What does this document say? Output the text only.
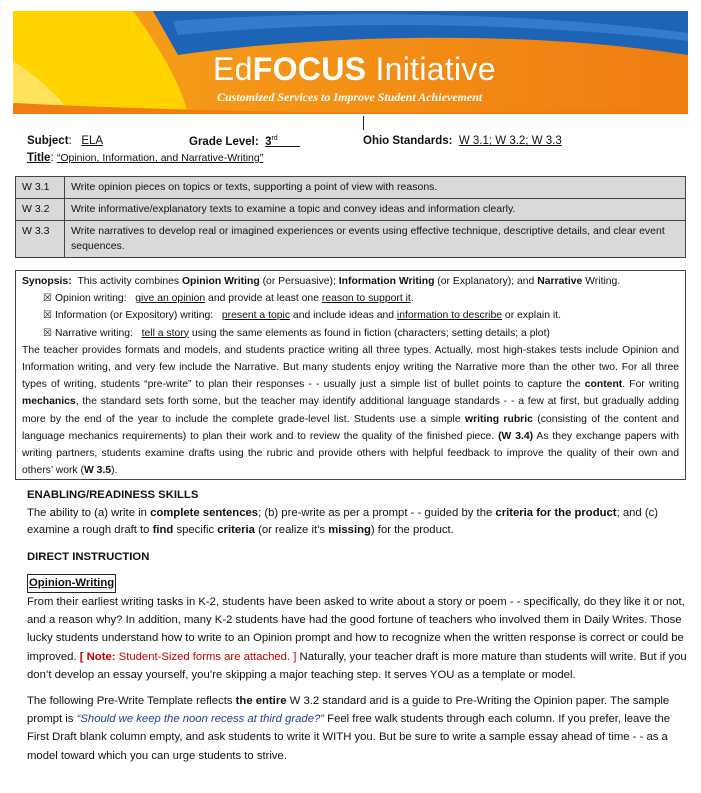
EdFOCUS Initiative
Customized Services to Improve Student Achievement
Subject:   ELA	Grade Level: 3rd	Ohio Standards: W 3.1; W 3.2; W 3.3
Title: “Opinion, Information, and Narrative-Writing”
W 3.1	Write opinion pieces on topics or texts, supporting a point of view with reasons.
W 3.2	Write informative/explanatory texts to examine a topic and convey ideas and information clearly.
W 3.3	Write narratives to develop real or imagined experiences or events using effective technique, descriptive details, and clear event sequences.
Synopsis: This activity combines Opinion Writing (or Persuasive); Information Writing (or Explanatory); and Narrative Writing.
☒ Opinion writing: give an opinion and provide at least one reason to support it.
☒ Information (or Expository) writing: present a topic and include ideas and information to describe or explain it.
☒ Narrative writing: tell a story using the same elements as found in fiction (characters; setting details; a plot)
The teacher provides formats and models, and students practice writing all three types. Actually, most high-stakes tests include Opinion and Information writing, and very few include the Narrative. But many students enjoy writing the Narrative more than the other two. For all three types of writing, students “pre-write” to plan their responses - - usually just a simple list of bullet points to capture the content. For writing mechanics, the standard sets forth some, but the teacher may identify additional language standards - - a few at first, but gradually adding more by the end of the year to include the complete grade-level list. Students use a simple writing rubric (consisting of the content and language mechanics requirements) to plan their work and to review the quality of the finished piece. (W 3.4) As they exchange papers with writing partners, students examine drafts using the rubric and provide others with helpful feedback to improve the quality of their own and others’ work (W 3.5).
ENABLING/READINESS SKILLS
The ability to (a) write in complete sentences; (b) pre-write as per a prompt - - guided by the criteria for the product; and (c) examine a rough draft to find specific criteria (or realize it’s missing) for the product.
DIRECT INSTRUCTION
Opinion-Writing
From their earliest writing tasks in K-2, students have been asked to write about a story or poem - - specifically, do they like it or not, and a reason why? In addition, many K-2 students have had the good fortune of teachers who involved them in Daily Writes. Those lucky students understand how to write to an Opinion prompt and how to recognize when the written response is correct or could be improved. [ Note: Student-Sized forms are attached. ] Naturally, your teacher draft is more mature than students will write. But if you don’t develop an essay yourself, you’re skipping a major teaching step. It serves YOU as a template or model.
The following Pre-Write Template reflects the entire W 3.2 standard and is a guide to Pre-Writing the Opinion paper. The sample prompt is “Should we keep the noon recess at third grade?” Feel free walk students through each column. If you prefer, leave the First Draft blank column empty, and ask students to write it WITH you. But be sure to write a sample essay ahead of time - - as a model toward which you can urge students to strive.
